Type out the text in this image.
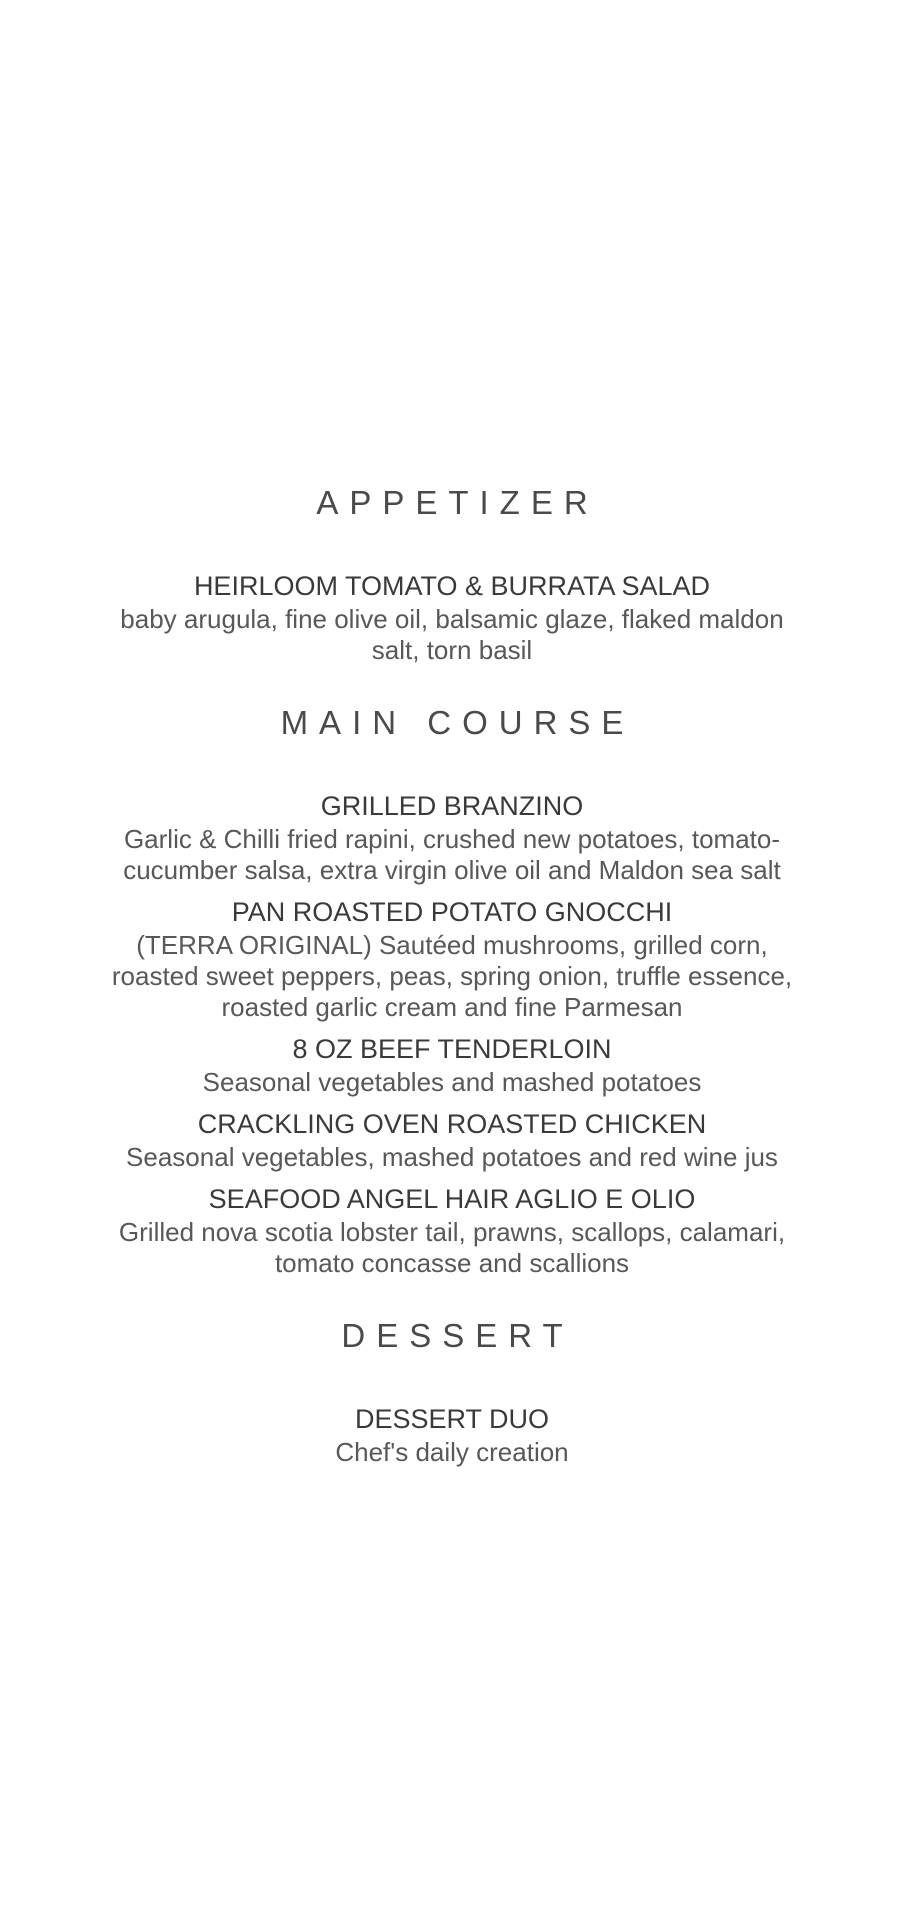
APPETIZER

HEIRLOOM TOMATO & BURRATA SALAD

baby arugula, fine olive oil, balsamic glaze, flaked maldon salt, torn basil

MAIN COURSE

GRILLED BRANZINO

Garlic & Chilli fried rapini, crushed new potatoes, tomato-cucumber salsa, extra virgin olive oil and Maldon sea salt

PAN ROASTED POTATO GNOCCHI

(TERRA ORIGINAL) Sautéed mushrooms, grilled corn, roasted sweet peppers, peas, spring onion, truffle essence, roasted garlic cream and fine Parmesan

8 OZ BEEF TENDERLOIN

Seasonal vegetables and mashed potatoes

CRACKLING OVEN ROASTED CHICKEN

Seasonal vegetables, mashed potatoes and red wine jus

SEAFOOD ANGEL HAIR AGLIO E OLIO

Grilled nova scotia lobster tail, prawns, scallops, calamari, tomato concasse and scallions

DESSERT

DESSERT DUO

Chef's daily creation
